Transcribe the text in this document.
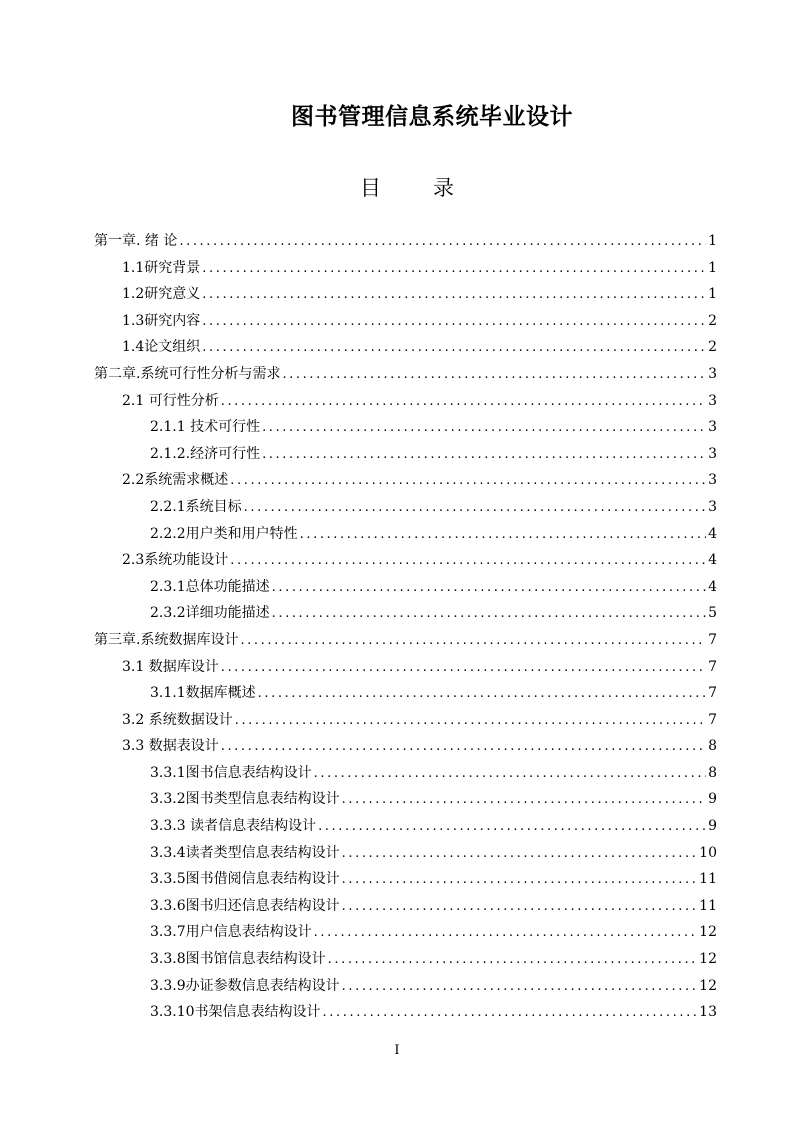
图书管理信息系统毕业设计
目 录
第一章. 绪 论 .....	1
1.1研究背景 .....	1
1.2研究意义 .....	1
1.3研究内容 .....	2
1.4论文组织 .....	2
第二章.系统可行性分析与需求 .....	3
2.1 可行性分析 .....	3
2.1.1 技术可行性 .....	3
2.1.2.经济可行性 .....	3
2.2系统需求概述 .....	3
2.2.1系统目标 .....	3
2.2.2用户类和用户特性 .....	4
2.3系统功能设计 .....	4
2.3.1总体功能描述 .....	4
2.3.2详细功能描述 .....	5
第三章.系统数据库设计 .....	7
3.1 数据库设计 .....	7
3.1.1数据库概述 .....	7
3.2 系统数据设计 .....	7
3.3 数据表设计 .....	8
3.3.1图书信息表结构设计 .....	8
3.3.2图书类型信息表结构设计 .....	9
3.3.3 读者信息表结构设计 .....	9
3.3.4读者类型信息表结构设计 .....	10
3.3.5图书借阅信息表结构设计 .....	11
3.3.6图书归还信息表结构设计 .....	11
3.3.7用户信息表结构设计 .....	12
3.3.8图书馆信息表结构设计 .....	12
3.3.9办证参数信息表结构设计 .....	12
3.3.10书架信息表结构设计 .....	13
I
